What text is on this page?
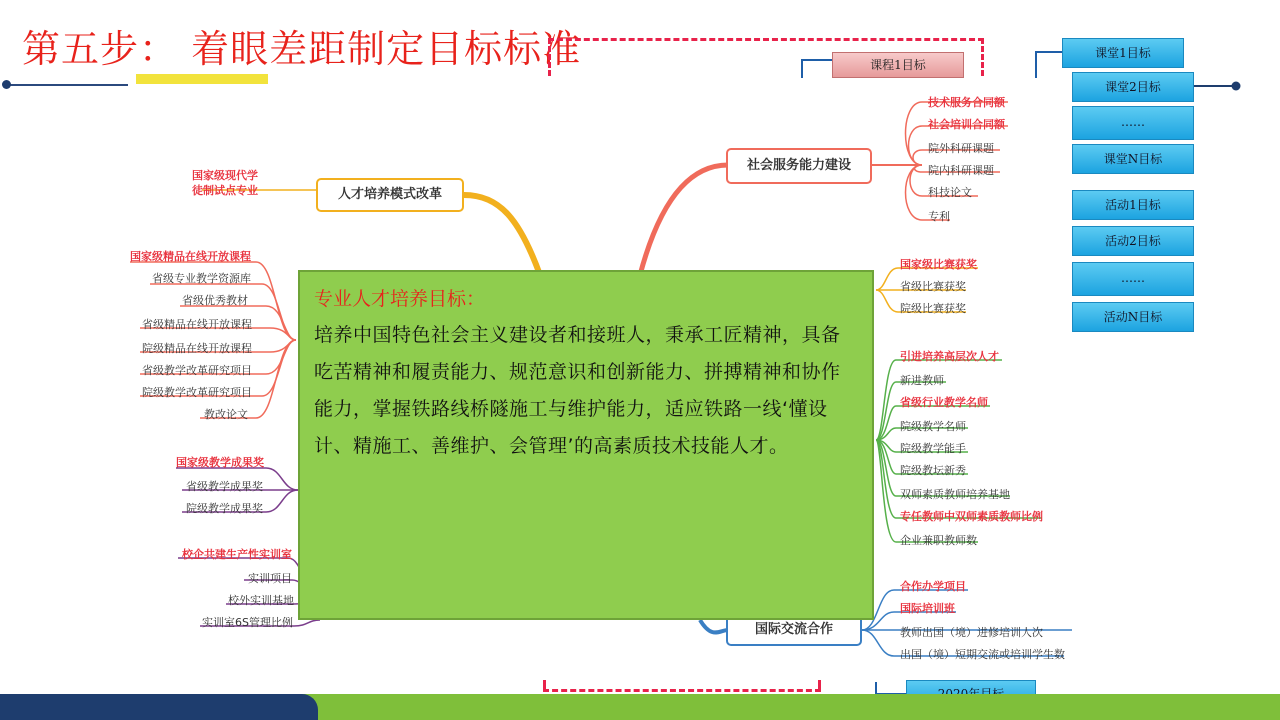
第五步： 着眼差距制定目标标准
人才培养模式改革
社会服务能力建设
国际交流合作
国家级现代学
徒制试点专业
国家级精品在线开放课程
省级专业教学资源库
省级优秀教材
省级精品在线开放课程
院级精品在线开放课程
省级教学改革研究项目
院级教学改革研究项目
教改论文
国家级教学成果奖
省级教学成果奖
院级教学成果奖
校企共建生产性实训室
实训项目
校外实训基地
实训室6S管理比例
技术服务合同额
社会培训合同额
院外科研课题
院内科研课题
科技论文
专利
国家级比赛获奖
省级比赛获奖
院级比赛获奖
引进培养高层次人才
新进教师
省级行业教学名师
院级教学名师
院级教学能手
院级教坛新秀
双师素质教师培养基地
专任教师中双师素质教师比例
企业兼职教师数
合作办学项目
国际培训班
教师出国（境）进修培训人次
出国（境）短期交流或培训学生数
课程1目标
课堂1目标
课堂2目标
……
课堂N目标
活动1目标
活动2目标
……
活动N目标
专业人才培养目标：
培养中国特色社会主义建设者和接班人，秉承工匠精神，具备吃苦精神和履责能力、规范意识和创新能力、拼搏精神和协作能力，掌握铁路线桥隧施工与维护能力，适应铁路一线‘懂设计、精施工、善维护、会管理’的高素质技术技能人才。
